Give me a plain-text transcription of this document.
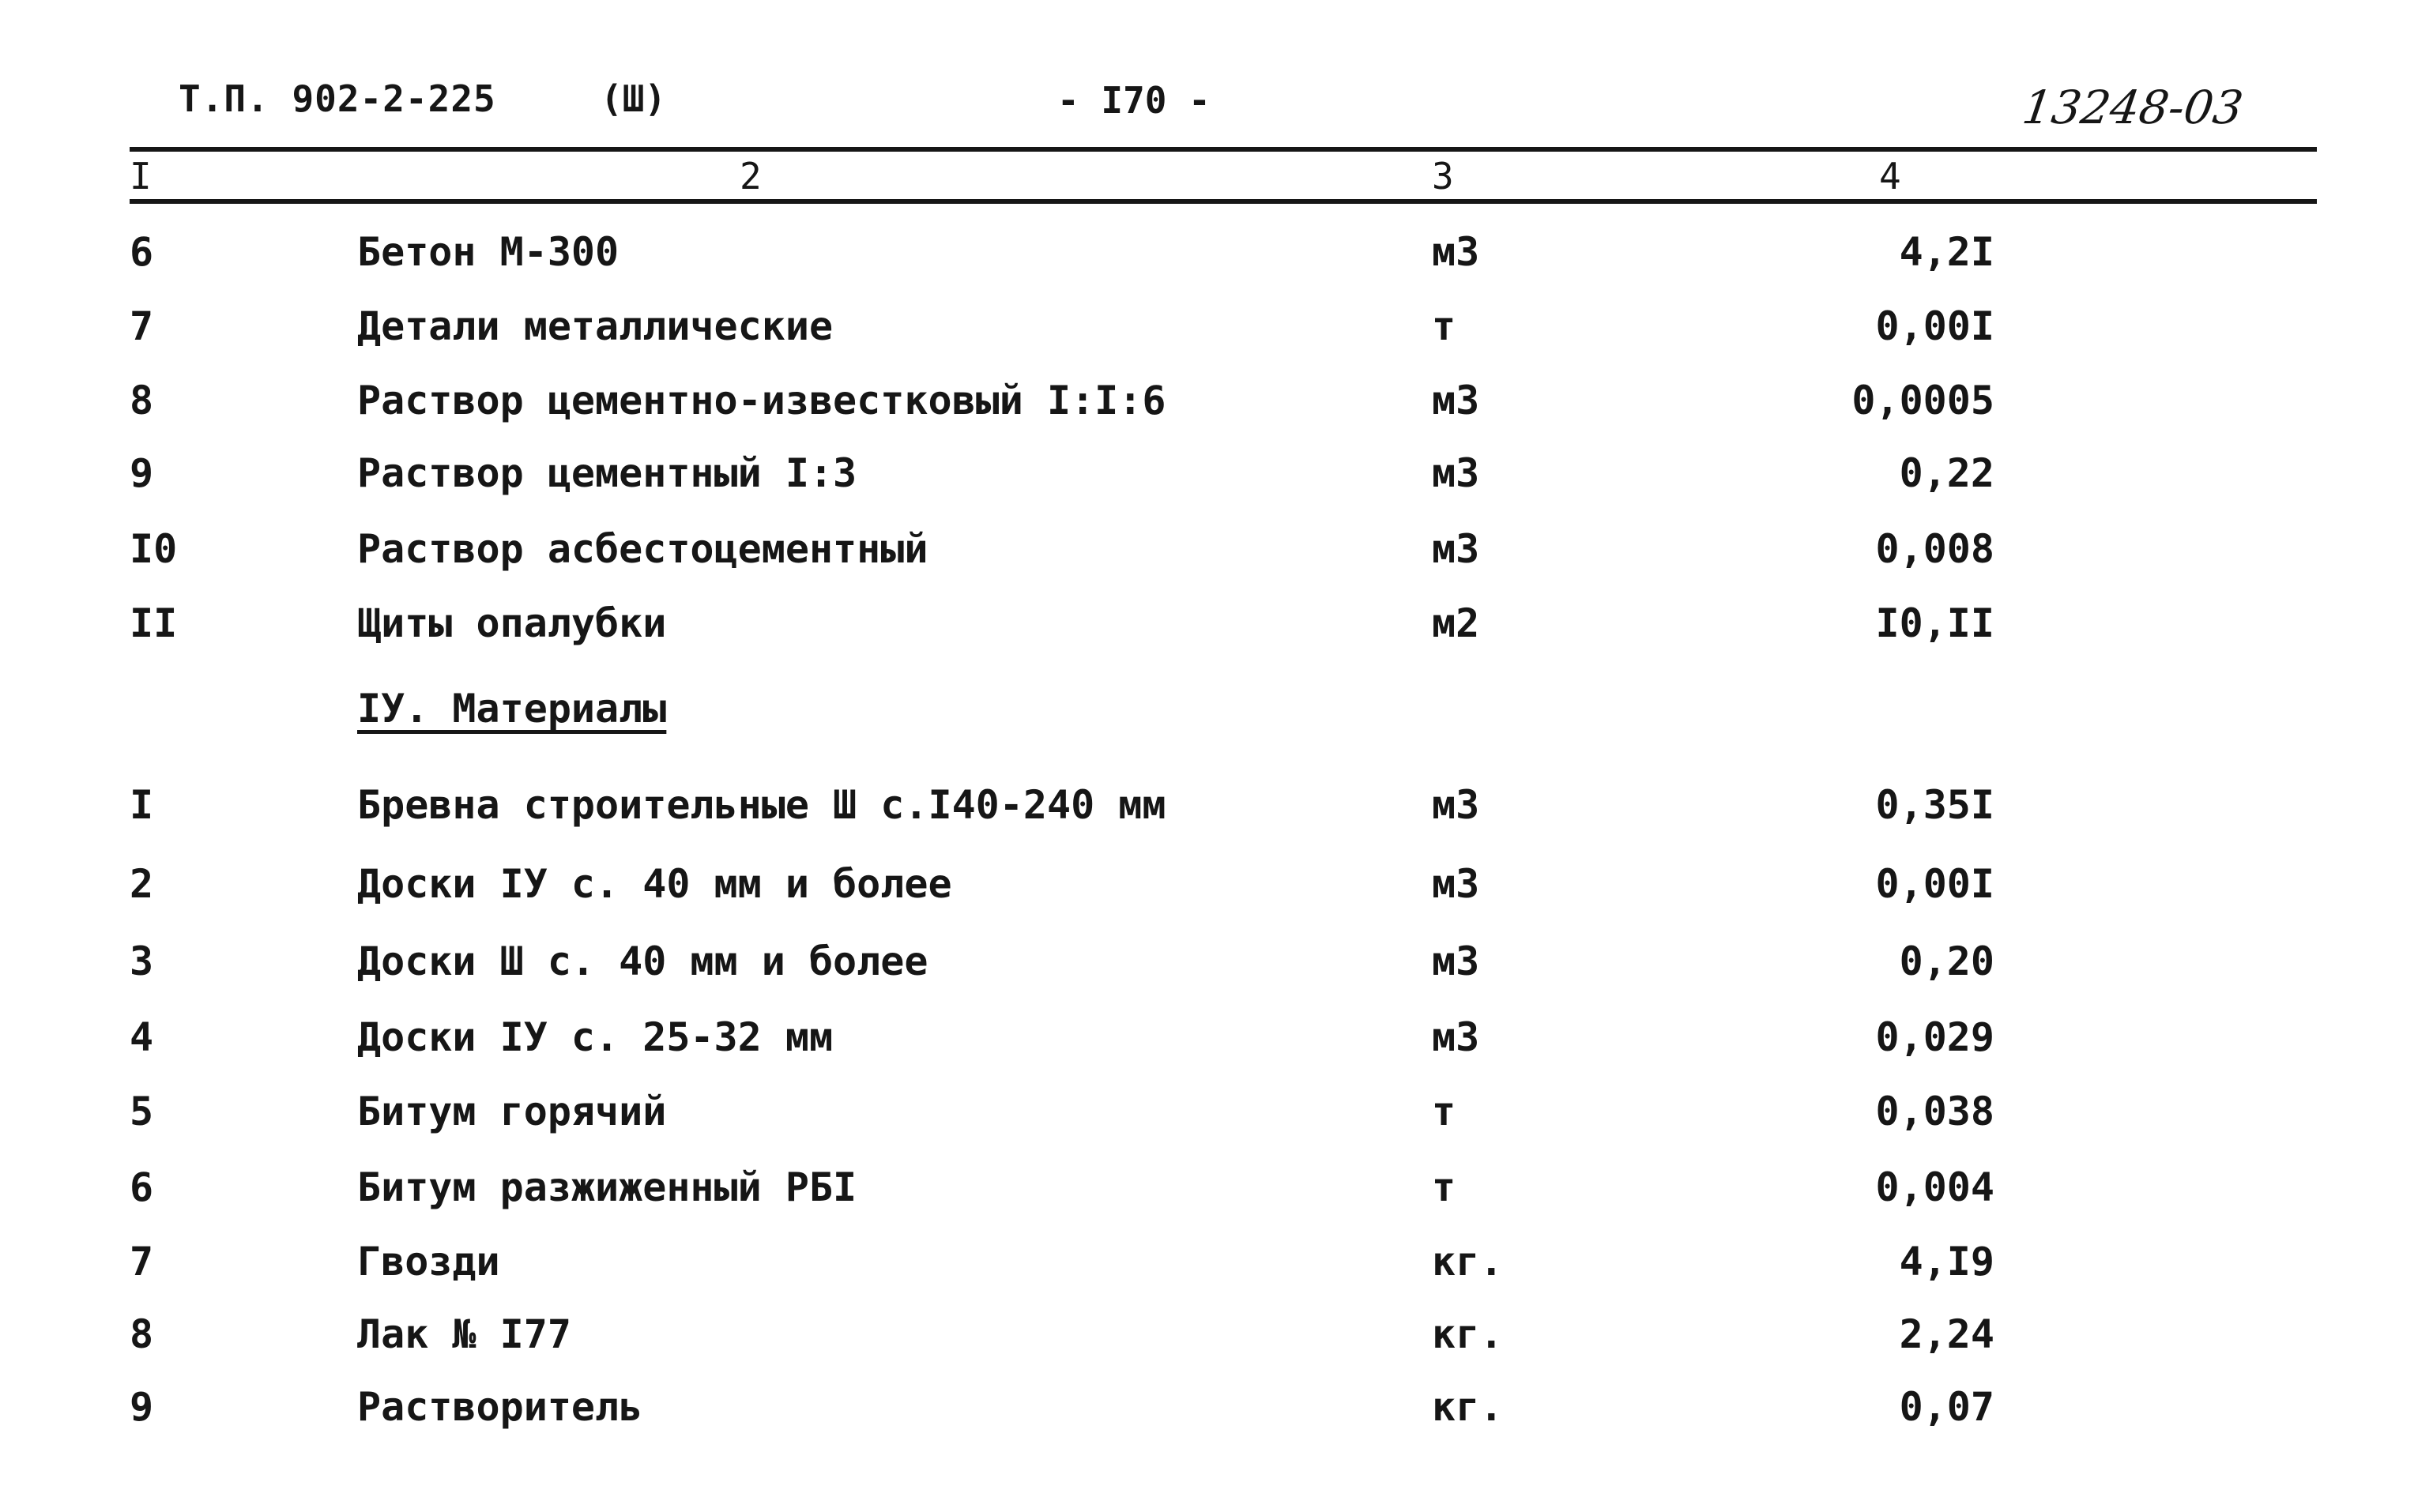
Т.П. 902-2-225	(Ш)	- I70 -	13248-03
I	2	3	4
6	Бетон М-300	м3	4,2I
7	Детали металлические	т	0,00I
8	Раствор цементно-известковый I:I:6	м3	0,0005
9	Раствор цементный I:3	м3	0,22
I0	Раствор асбестоцементный	м3	0,008
II	Щиты опалубки	м2	I0,II
IУ. Материалы
I	Бревна строительные Ш с.I40-240 мм	м3	0,35I
2	Доски IУ с. 40 мм и более	м3	0,00I
3	Доски Ш с. 40 мм и более	м3	0,20
4	Доски IУ с. 25-32 мм	м3	0,029
5	Битум горячий	т	0,038
6	Битум разжиженный РБI	т	0,004
7	Гвозди	кг.	4,I9
8	Лак № I77	кг.	2,24
9	Растворитель	кг.	0,07
